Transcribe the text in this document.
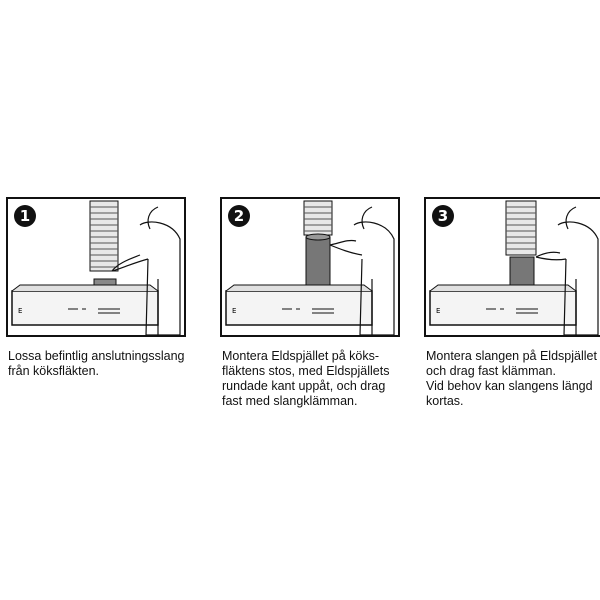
E
1
Lossa befintlig anslutningsslang
från köksfläkten.
E
2
Montera Eldspjället på köks-
fläktens stos, med Eldspjällets
rundade kant uppåt, och drag
fast med slangklämman.
E
3
Montera slangen på Eldspjället
och drag fast klämman.
Vid behov kan slangens längd
kortas.
